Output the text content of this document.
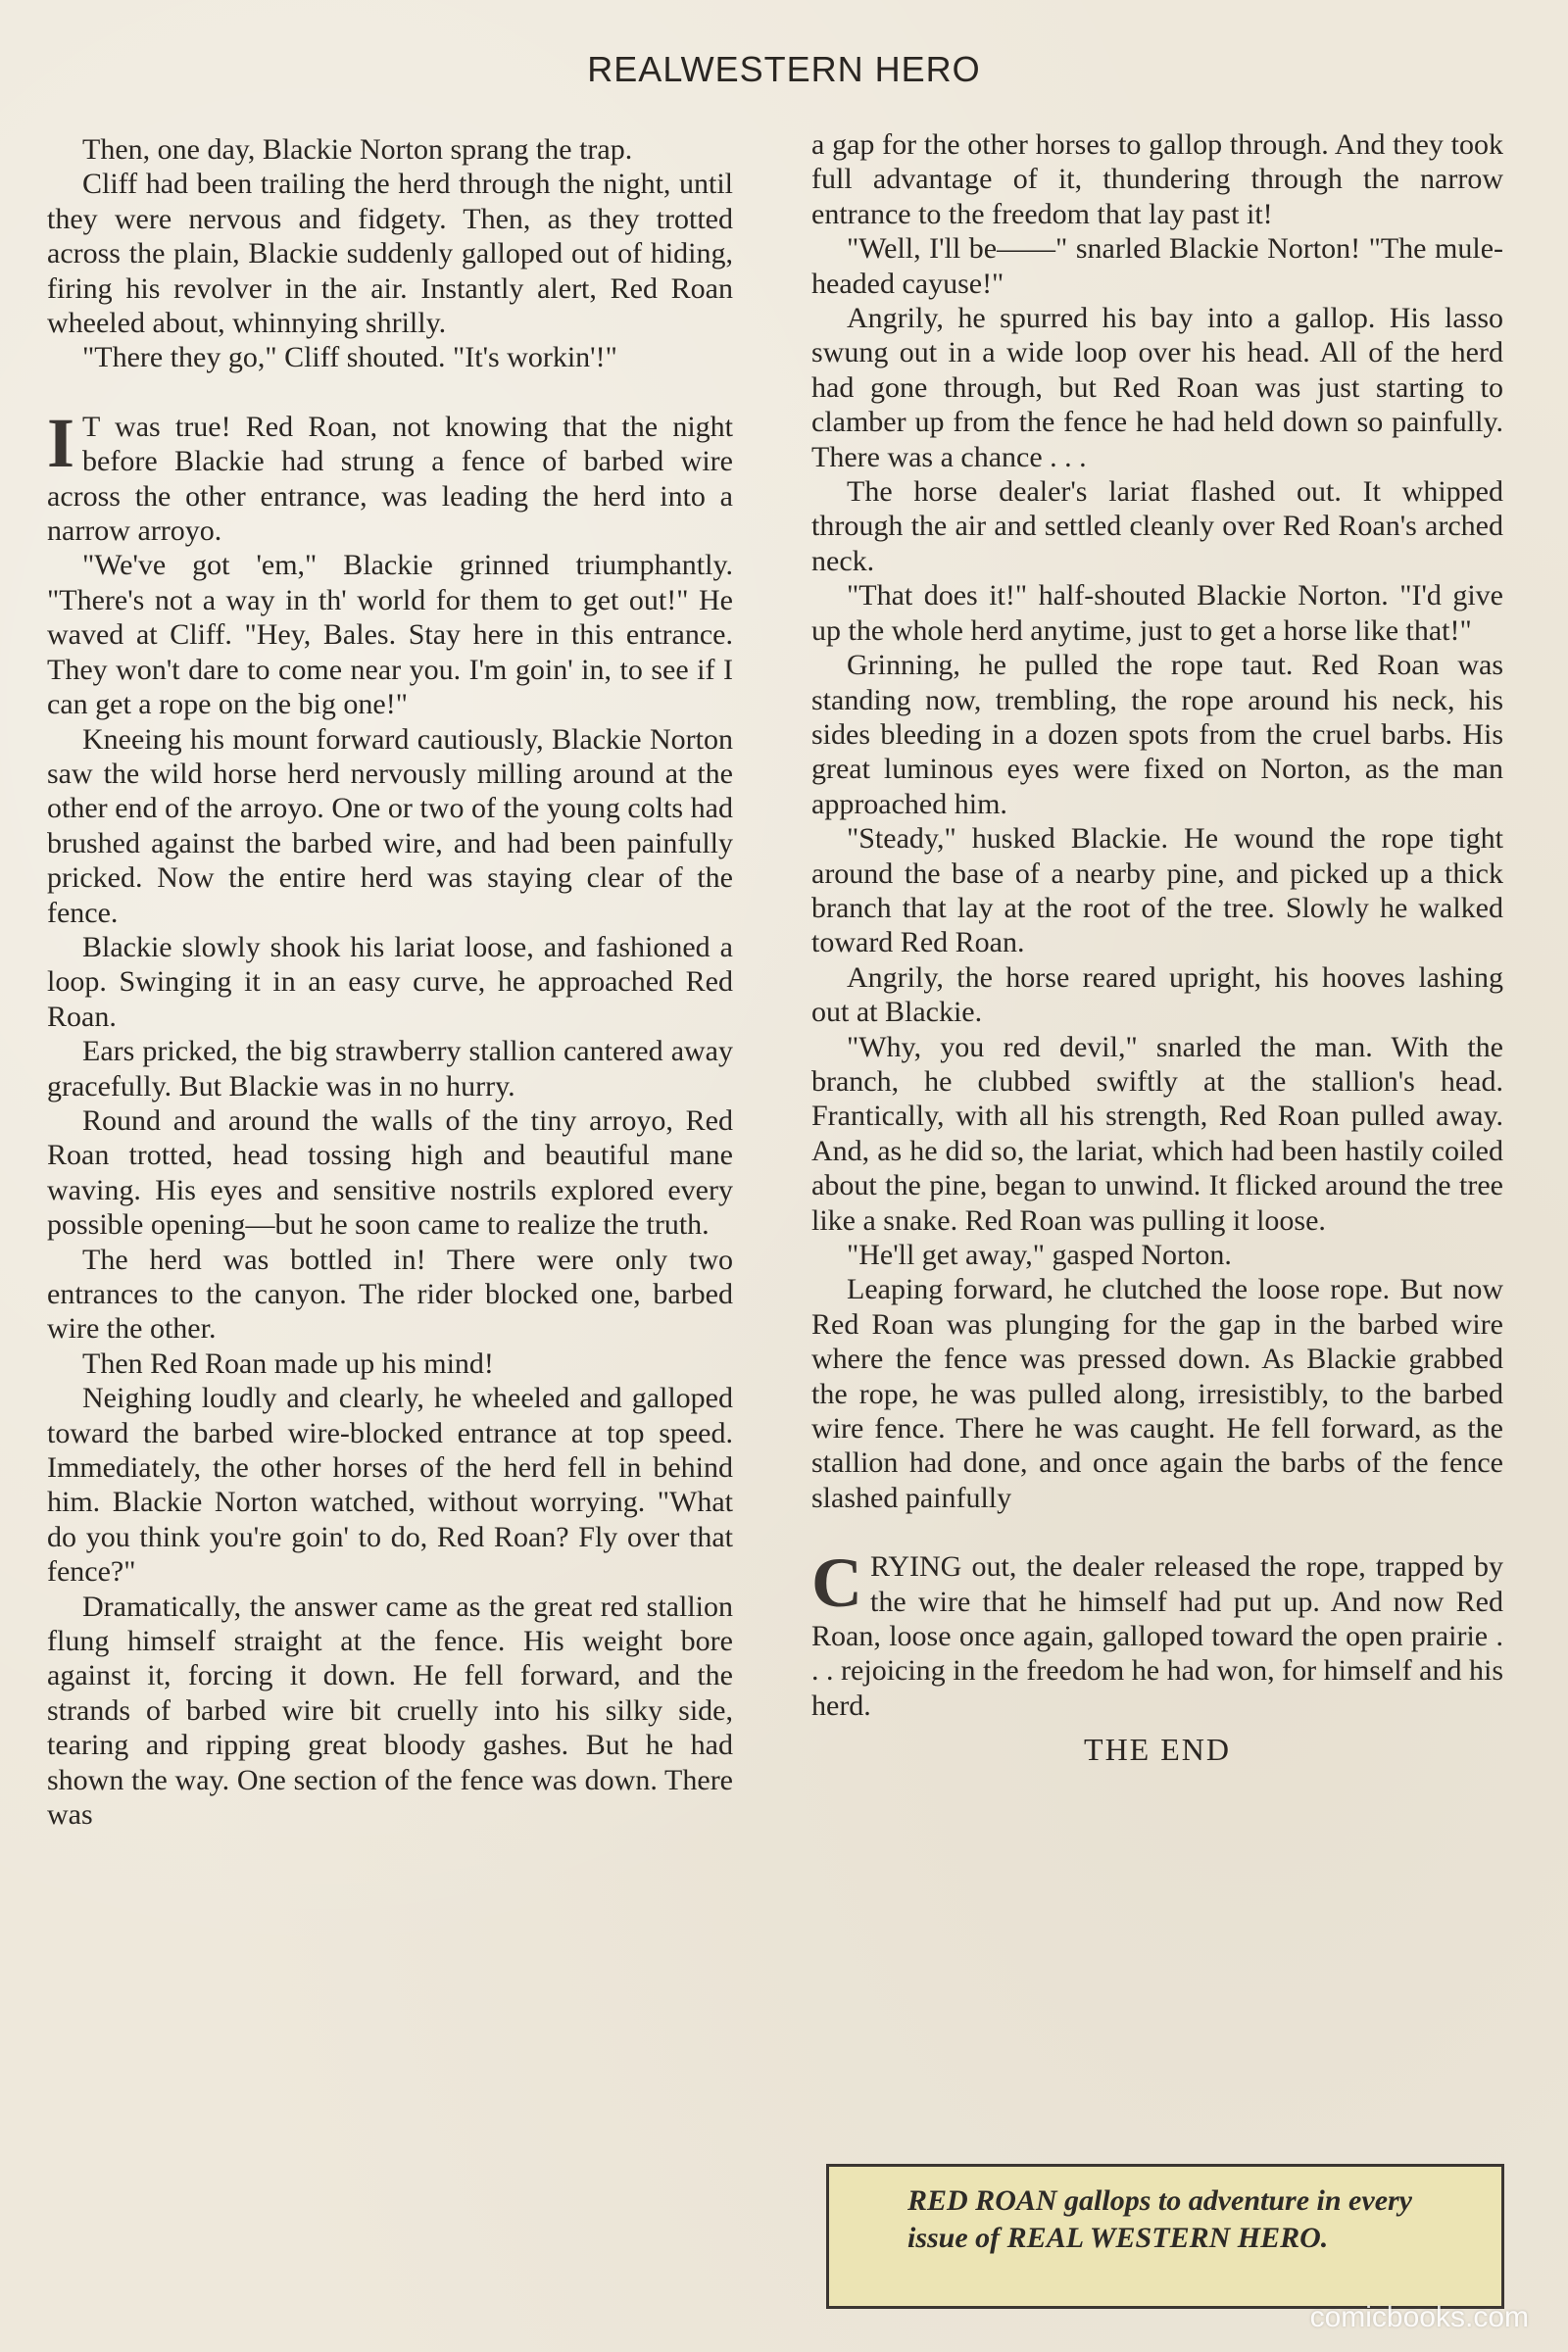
REALWESTERN HERO

Then, one day, Blackie Norton sprang the trap.

Cliff had been trailing the herd through the night, until they were nervous and fidgety. Then, as they trotted across the plain, Blackie suddenly galloped out of hiding, firing his revolver in the air. Instantly alert, Red Roan wheeled about, whinnying shrilly.

"There they go," Cliff shouted. "It's workin'!"

I T was true! Red Roan, not knowing that the night before Blackie had strung a fence of barbed wire across the other entrance, was leading the herd into a narrow arroyo.

"We've got 'em," Blackie grinned triumphantly. "There's not a way in th' world for them to get out!" He waved at Cliff. "Hey, Bales. Stay here in this entrance. They won't dare to come near you. I'm goin' in, to see if I can get a rope on the big one!"

Kneeing his mount forward cautiously, Blackie Norton saw the wild horse herd nervously milling around at the other end of the arroyo. One or two of the young colts had brushed against the barbed wire, and had been painfully pricked. Now the entire herd was staying clear of the fence.

Blackie slowly shook his lariat loose, and fashioned a loop. Swinging it in an easy curve, he approached Red Roan.

Ears pricked, the big strawberry stallion cantered away gracefully. But Blackie was in no hurry.

Round and around the walls of the tiny arroyo, Red Roan trotted, head tossing high and beautiful mane waving. His eyes and sensitive nostrils explored every possible opening—but he soon came to realize the truth.

The herd was bottled in! There were only two entrances to the canyon. The rider blocked one, barbed wire the other.

Then Red Roan made up his mind!

Neighing loudly and clearly, he wheeled and galloped toward the barbed wire-blocked entrance at top speed. Immediately, the other horses of the herd fell in behind him. Blackie Norton watched, without worrying. "What do you think you're goin' to do, Red Roan? Fly over that fence?"

Dramatically, the answer came as the great red stallion flung himself straight at the fence. His weight bore against it, forcing it down. He fell forward, and the strands of barbed wire bit cruelly into his silky side, tearing and ripping great bloody gashes. But he had shown the way. One section of the fence was down. There was

a gap for the other horses to gallop through. And they took full advantage of it, thundering through the narrow entrance to the freedom that lay past it!

"Well, I'll be——" snarled Blackie Norton! "The mule-headed cayuse!"

Angrily, he spurred his bay into a gallop. His lasso swung out in a wide loop over his head. All of the herd had gone through, but Red Roan was just starting to clamber up from the fence he had held down so painfully. There was a chance . . .

The horse dealer's lariat flashed out. It whipped through the air and settled cleanly over Red Roan's arched neck.

"That does it!" half-shouted Blackie Norton. "I'd give up the whole herd anytime, just to get a horse like that!"

Grinning, he pulled the rope taut. Red Roan was standing now, trembling, the rope around his neck, his sides bleeding in a dozen spots from the cruel barbs. His great luminous eyes were fixed on Norton, as the man approached him.

"Steady," husked Blackie. He wound the rope tight around the base of a nearby pine, and picked up a thick branch that lay at the root of the tree. Slowly he walked toward Red Roan.

Angrily, the horse reared upright, his hooves lashing out at Blackie.

"Why, you red devil," snarled the man. With the branch, he clubbed swiftly at the stallion's head. Frantically, with all his strength, Red Roan pulled away. And, as he did so, the lariat, which had been hastily coiled about the pine, began to unwind. It flicked around the tree like a snake. Red Roan was pulling it loose.

"He'll get away," gasped Norton.

Leaping forward, he clutched the loose rope. But now Red Roan was plunging for the gap in the barbed wire where the fence was pressed down. As Blackie grabbed the rope, he was pulled along, irresistibly, to the barbed wire fence. There he was caught. He fell forward, as the stallion had done, and once again the barbs of the fence slashed painfully

CRYING out, the dealer released the rope, trapped by the wire that he himself had put up. And now Red Roan, loose once again, galloped toward the open prairie . . . rejoicing in the freedom he had won, for himself and his herd.

THE END
RED ROAN gallops to adventure in every issue of REAL WESTERN HERO.
comicbooks.com
